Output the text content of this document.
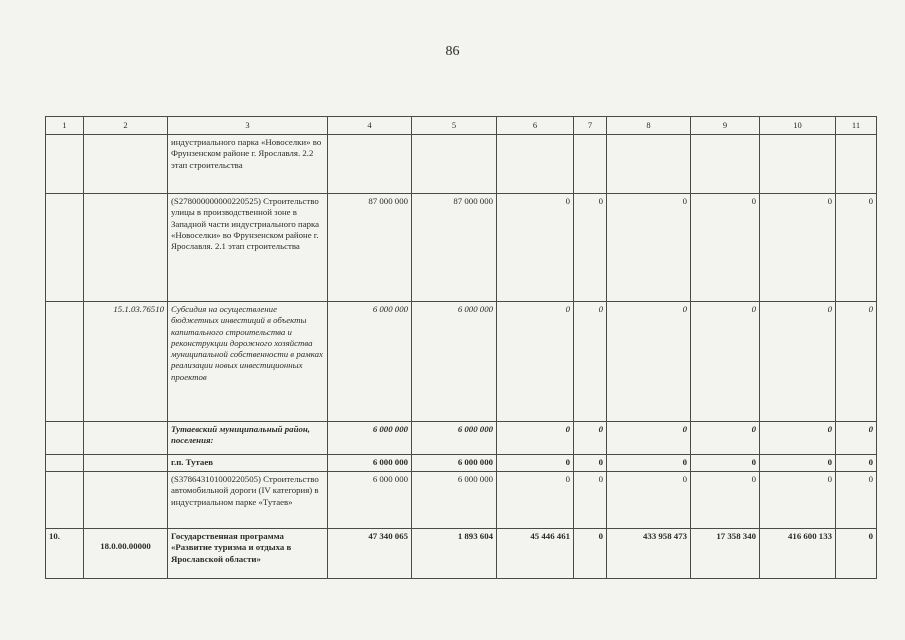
86
1	2	3	4	5	6	7	8	9	10	11
		индустриального парка «Новоселки» во Фрунзенском районе г. Ярославля. 2.2 этап строительства								
		(S278000000000220525) Строительство улицы в производственной зоне в Западной части индустриального парка «Новоселки» во Фрунзенском районе г. Ярославля. 2.1 этап строительства	87 000 000	87 000 000	0	0	0	0	0	0
	15.1.03.76510	Субсидия на осуществление бюджетных инвестиций в объекты капитального строительства и реконструкции дорожного хозяйства муниципальной собственности в рамках реализации новых инвестиционных проектов	6 000 000	6 000 000	0	0	0	0	0	0
		Тутаевский муниципальный район, поселения:	6 000 000	6 000 000	0	0	0	0	0	0
		г.п. Тутаев	6 000 000	6 000 000	0	0	0	0	0	0
		(S378643101000220505) Строительство автомобильной дороги (IV категория) в индустриальном парке «Тутаев»	6 000 000	6 000 000	0	0	0	0	0	0
10.	18.0.00.00000	Государственная программа «Развитие туризма и отдыха в Ярославской области»	47 340 065	1 893 604	45 446 461	0	433 958 473	17 358 340	416 600 133	0
